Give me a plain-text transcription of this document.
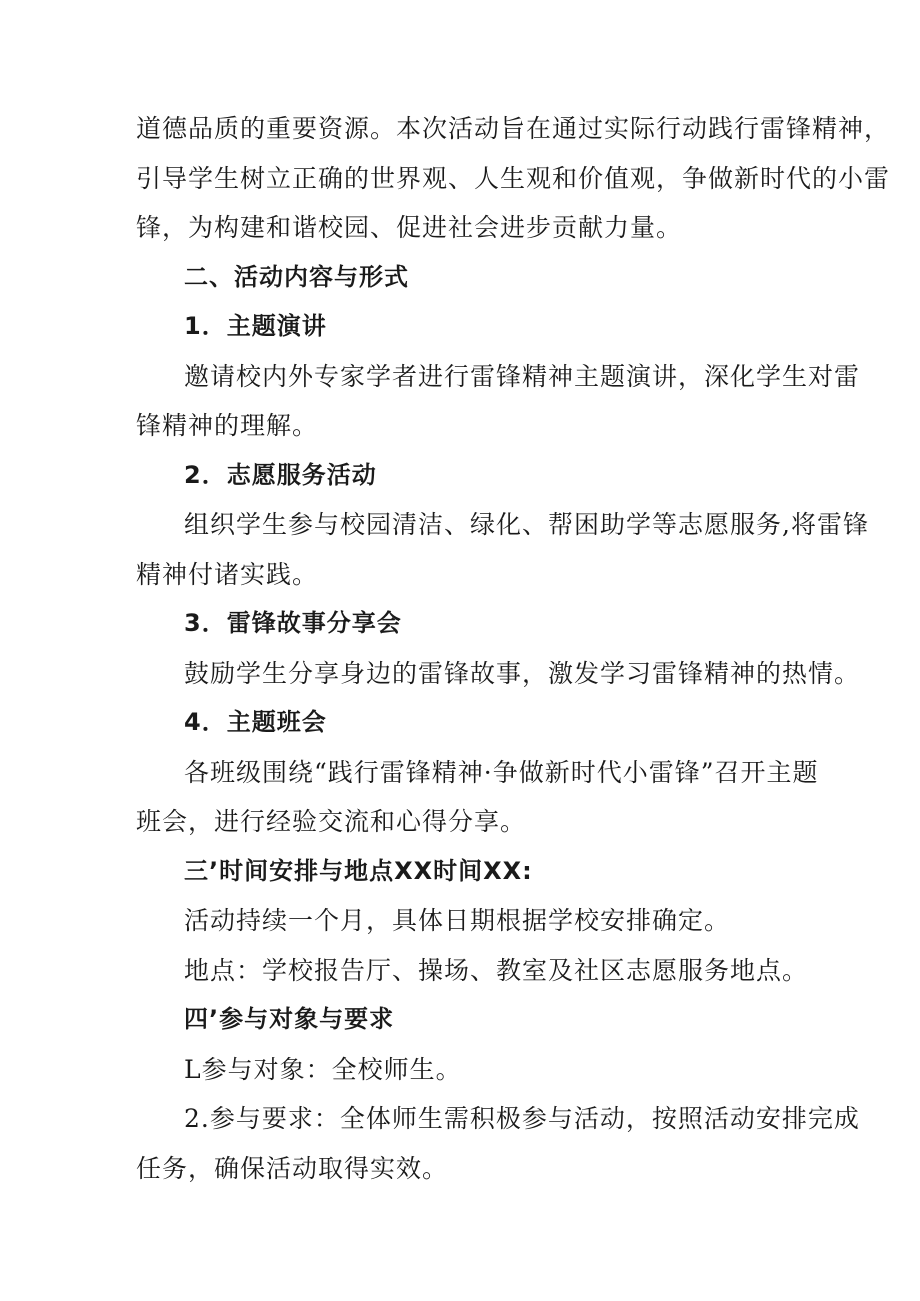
道德品质的重要资源。本次活动旨在通过实际行动践行雷锋精神，

引导学生树立正确的世界观、人生观和价值观，争做新时代的小雷

锋，为构建和谐校园、促进社会进步贡献力量。

二、活动内容与形式

1．主题演讲

邀请校内外专家学者进行雷锋精神主题演讲，深化学生对雷

锋精神的理解。

2．志愿服务活动

组织学生参与校园清洁、绿化、帮困助学等志愿服务,将雷锋

精神付诸实践。

3．雷锋故事分享会

鼓励学生分享身边的雷锋故事，激发学习雷锋精神的热情。

4．主题班会

各班级围绕“践行雷锋精神·争做新时代小雷锋”召开主题

班会，进行经验交流和心得分享。

三’时间安排与地点XX时间XX:

活动持续一个月，具体日期根据学校安排确定。

地点：学校报告厅、操场、教室及社区志愿服务地点。

四’参与对象与要求

L参与对象：全校师生。

2.参与要求：全体师生需积极参与活动，按照活动安排完成

任务，确保活动取得实效。
